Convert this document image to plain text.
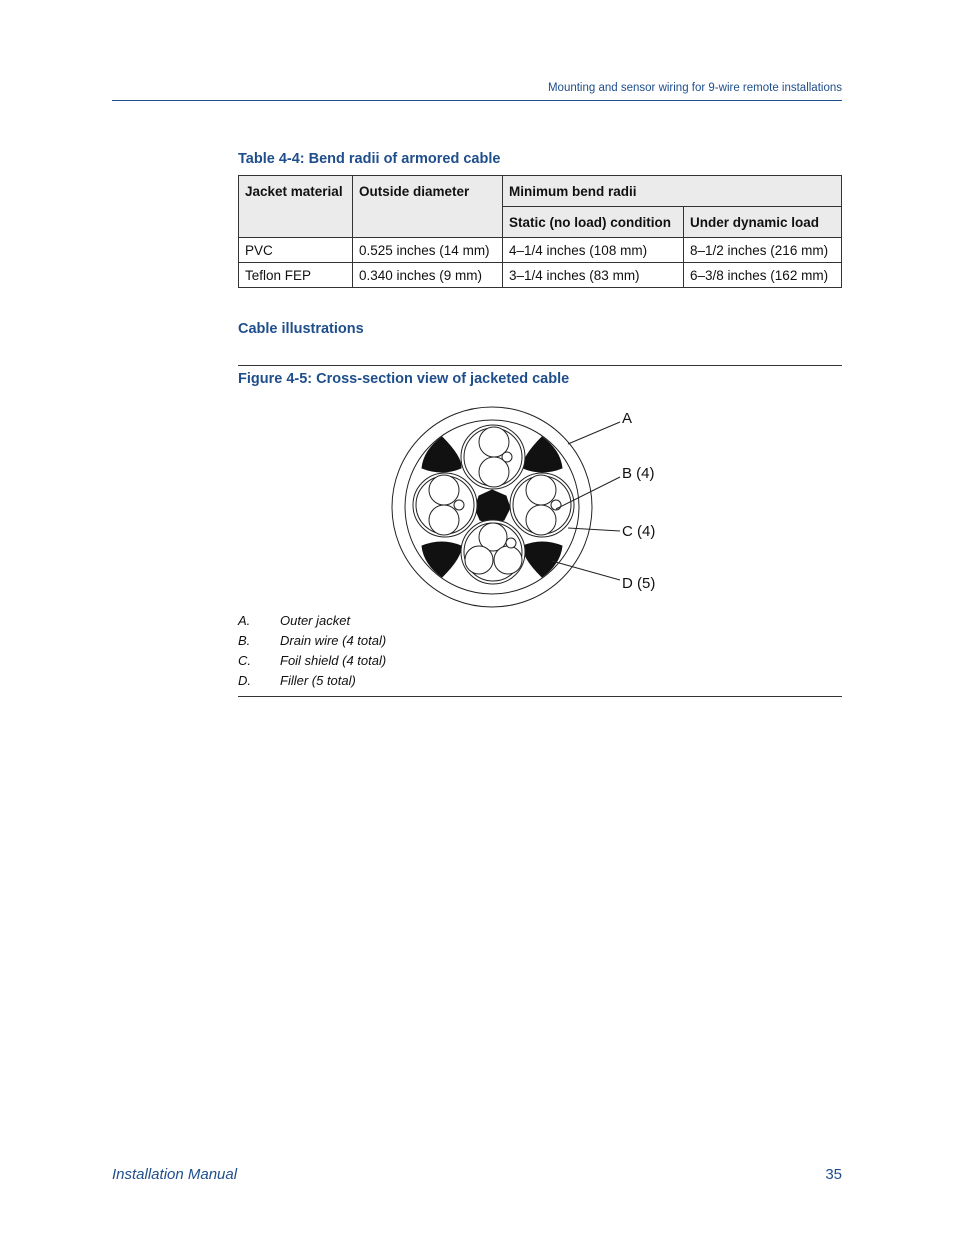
Mounting and sensor wiring for 9-wire remote installations
Table 4-4: Bend radii of armored cable
Jacket material	Outside diameter	Minimum bend radii	
		Static (no load) condition	Under dynamic load
PVC	0.525 inches (14 mm)	4–1/4 inches (108 mm)	8–1/2 inches (216 mm)
Teflon FEP	0.340 inches (9 mm)	3–1/4 inches (83 mm)	6–3/8 inches (162 mm)
Cable illustrations
Figure 4-5: Cross-section view of jacketed cable
A
B (4)
C (4)
D (5)
A. Outer jacket
B. Drain wire (4 total)
C. Foil shield (4 total)
D. Filler (5 total)
Installation Manual	35
